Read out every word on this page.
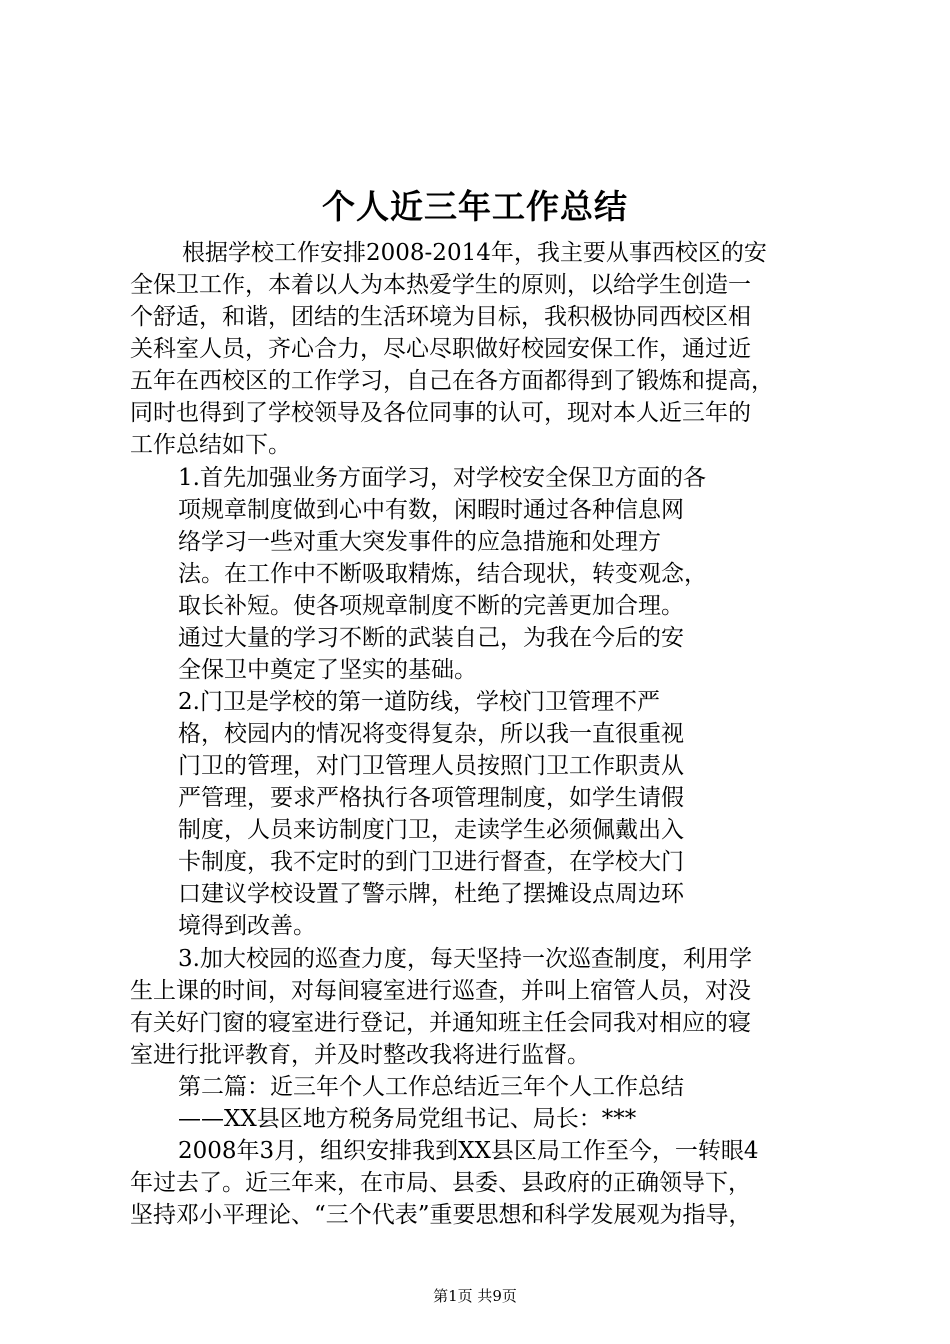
个人近三年工作总结
根据学校工作安排2008-2014年，我主要从事西校区的安
全保卫工作，本着以人为本热爱学生的原则，以给学生创造一
个舒适，和谐，团结的生活环境为目标，我积极协同西校区相
关科室人员，齐心合力，尽心尽职做好校园安保工作，通过近
五年在西校区的工作学习，自己在各方面都得到了锻炼和提高，
同时也得到了学校领导及各位同事的认可，现对本人近三年的
工作总结如下。
1.首先加强业务方面学习，对学校安全保卫方面的各
项规章制度做到心中有数，闲暇时通过各种信息网
络学习一些对重大突发事件的应急措施和处理方
法。在工作中不断吸取精炼，结合现状，转变观念，
取长补短。使各项规章制度不断的完善更加合理。
通过大量的学习不断的武装自己，为我在今后的安
全保卫中奠定了坚实的基础。
2.门卫是学校的第一道防线，学校门卫管理不严
格，校园内的情况将变得复杂，所以我一直很重视
门卫的管理，对门卫管理人员按照门卫工作职责从
严管理，要求严格执行各项管理制度，如学生请假
制度，人员来访制度门卫，走读学生必须佩戴出入
卡制度，我不定时的到门卫进行督查，在学校大门
口建议学校设置了警示牌，杜绝了摆摊设点周边环
境得到改善。
3.加大校园的巡查力度，每天坚持一次巡查制度，利用学
生上课的时间，对每间寝室进行巡查，并叫上宿管人员，对没
有关好门窗的寝室进行登记，并通知班主任会同我对相应的寝
室进行批评教育，并及时整改我将进行监督。
第二篇：近三年个人工作总结近三年个人工作总结
——XX县区地方税务局党组书记、局长：***
2008年3月，组织安排我到XX县区局工作至今，一转眼4
年过去了。近三年来，在市局、县委、县政府的正确领导下，
坚持邓小平理论、“三个代表”重要思想和科学发展观为指导，
第1页 共9页
